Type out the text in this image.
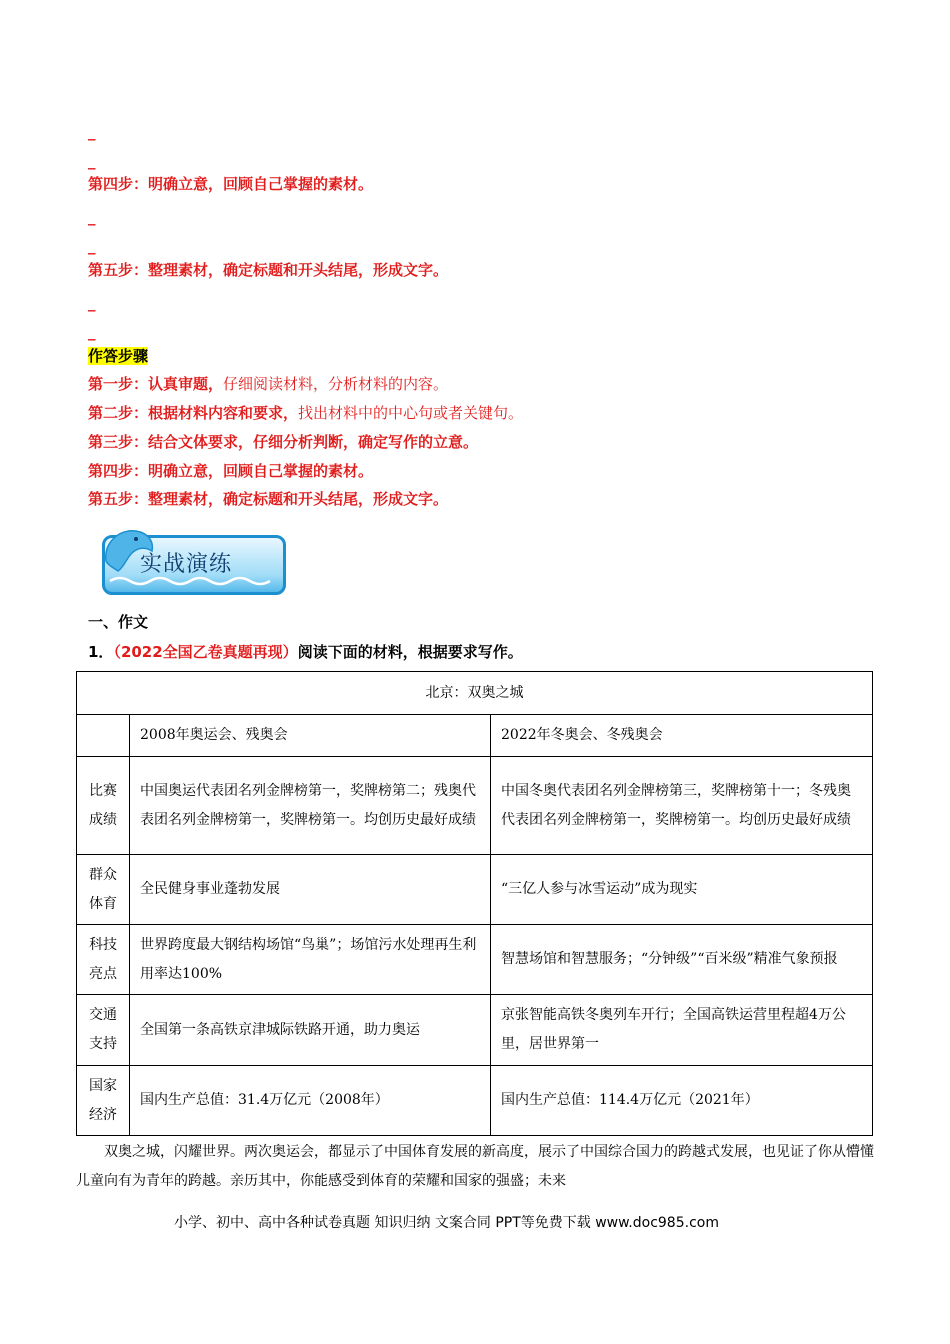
_
_
第四步：明确立意，回顾自己掌握的素材。
_
_
第五步：整理素材，确定标题和开头结尾，形成文字。
_
_
作答步骤
第一步：认真审题，仔细阅读材料，分析材料的内容。
第二步：根据材料内容和要求，找出材料中的中心句或者关键句。
第三步：结合文体要求，仔细分析判断，确定写作的立意。
第四步：明确立意，回顾自己掌握的素材。
第五步：整理素材，确定标题和开头结尾，形成文字。
实战演练
一、作文
1．（2022全国乙卷真题再现）阅读下面的材料，根据要求写作。
北京：双奥之城		
	2008年奥运会、残奥会	2022年冬奥会、冬残奥会
比赛
成绩	中国奥运代表团名列金牌榜第一，奖牌榜第二；残奥代表团名列金牌榜第一，奖牌榜第一。均创历史最好成绩	中国冬奥代表团名列金牌榜第三，奖牌榜第十一；冬残奥代表团名列金牌榜第一，奖牌榜第一。均创历史最好成绩
群众
体育	全民健身事业蓬勃发展	“三亿人参与冰雪运动”成为现实
科技
亮点	世界跨度最大钢结构场馆“鸟巢”；场馆污水处理再生利用率达100%	智慧场馆和智慧服务；“分钟级”“百米级”精准气象预报
交通
支持	全国第一条高铁京津城际铁路开通，助力奥运	京张智能高铁冬奥列车开行；全国高铁运营里程超4万公里，居世界第一
国家
经济	国内生产总值：31.4万亿元（2008年）	国内生产总值：114.4万亿元（2021年）
　　双奥之城，闪耀世界。两次奥运会，都显示了中国体育发展的新高度，展示了中国综合国力的跨越式发展，也见证了你从懵懂儿童向有为青年的跨越。亲历其中，你能感受到体育的荣耀和国家的强盛；未来
小学、初中、高中各种试卷真题 知识归纳 文案合同 PPT等免费下载 www.doc985.com
